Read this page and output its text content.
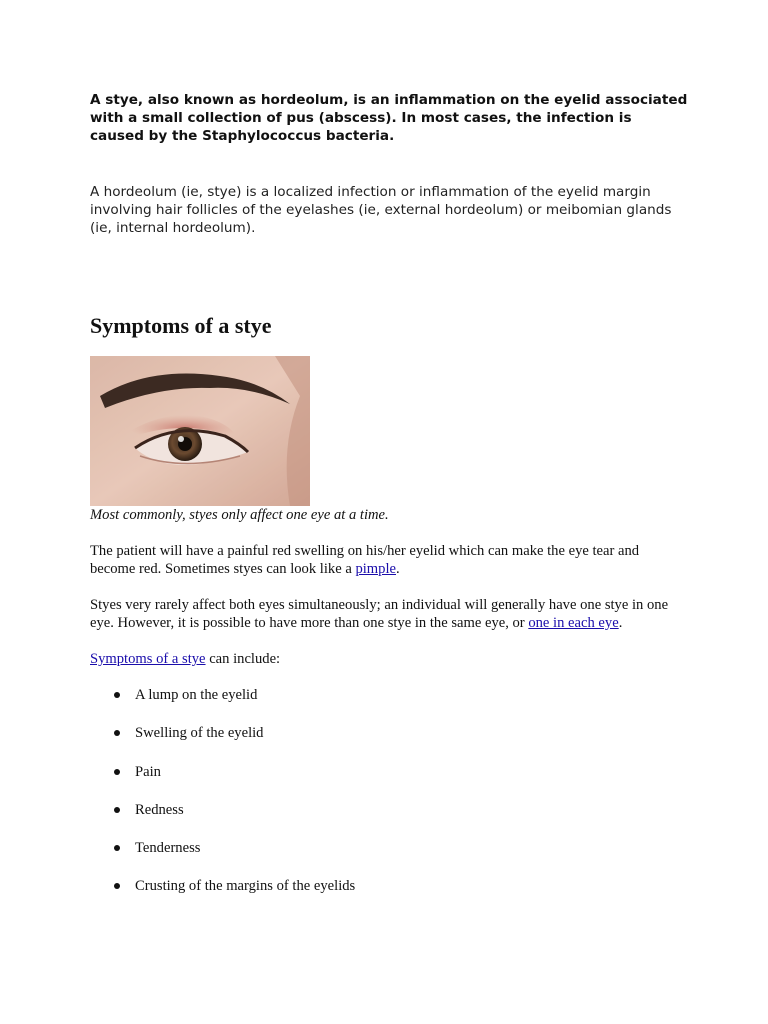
A stye, also known as hordeolum, is an inflammation on the eyelid associated with a small collection of pus (abscess). In most cases, the infection is caused by the Staphylococcus bacteria.

A hordeolum (ie, stye) is a localized infection or inflammation of the eyelid margin involving hair follicles of the eyelashes (ie, external hordeolum) or meibomian glands (ie, internal hordeolum).

Symptoms of a stye

Most commonly, styes only affect one eye at a time.

The patient will have a painful red swelling on his/her eyelid which can make the eye tear and become red. Sometimes styes can look like a pimple.

Styes very rarely affect both eyes simultaneously; an individual will generally have one stye in one eye. However, it is possible to have more than one stye in the same eye, or one in each eye.

Symptoms of a stye can include:

A lump on the eyelid
Swelling of the eyelid
Pain
Redness
Tenderness
Crusting of the margins of the eyelids
